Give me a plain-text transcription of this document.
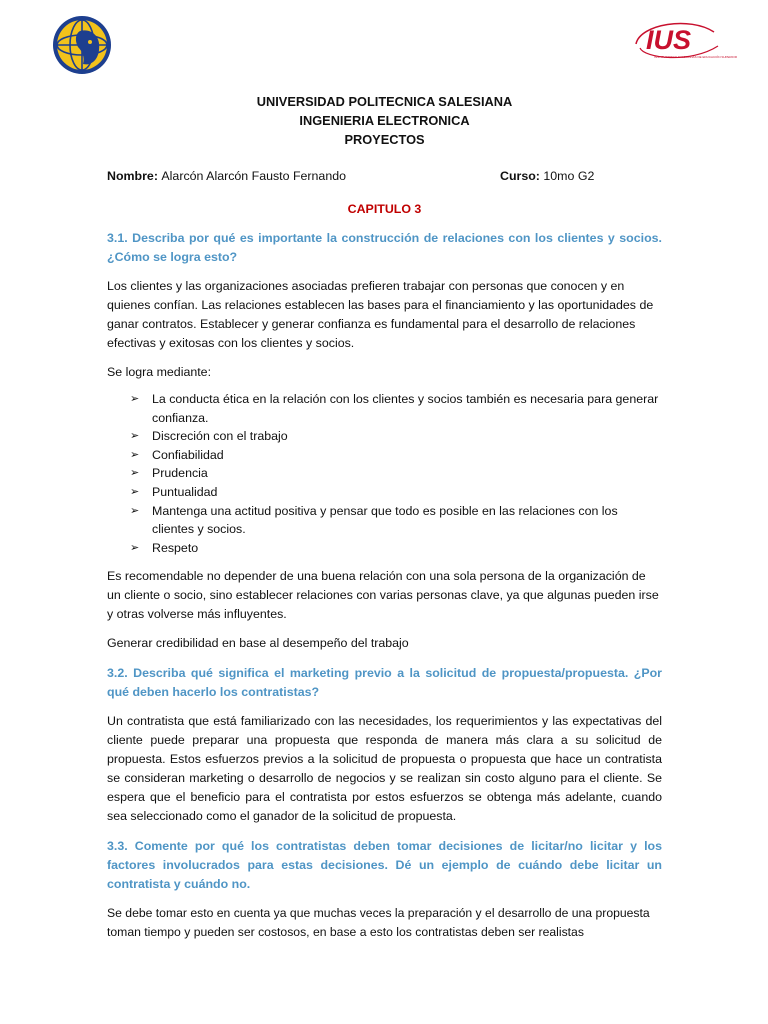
IUS
INSTITUCIONES SALESIANAS DE EDUCACIÓN SUPERIOR
UNIVERSIDAD POLITECNICA SALESIANA
INGENIERIA ELECTRONICA
PROYECTOS
Nombre: Alarcón Alarcón Fausto Fernando	Curso: 10mo G2
CAPITULO 3
3.1. Describa por qué es importante la construcción de relaciones con los clientes y socios. ¿Cómo se logra esto?

Los clientes y las organizaciones asociadas prefieren trabajar con personas que conocen y en quienes confían. Las relaciones establecen las bases para el financiamiento y las oportunidades de ganar contratos. Establecer y generar confianza es fundamental para el desarrollo de relaciones efectivas y exitosas con los clientes y socios.

Se logra mediante:

➢ La conducta ética en la relación con los clientes y socios también es necesaria para generar confianza.
➢ Discreción con el trabajo
➢ Confiabilidad
➢ Prudencia
➢ Puntualidad
➢ Mantenga una actitud positiva y pensar que todo es posible en las relaciones con los clientes y socios.
➢ Respeto

Es recomendable no depender de una buena relación con una sola persona de la organización de un cliente o socio, sino establecer relaciones con varias personas clave, ya que algunas pueden irse y otras volverse más influyentes.

Generar credibilidad en base al desempeño del trabajo

3.2. Describa qué significa el marketing previo a la solicitud de propuesta/propuesta. ¿Por qué deben hacerlo los contratistas?

Un contratista que está familiarizado con las necesidades, los requerimientos y las expectativas del cliente puede preparar una propuesta que responda de manera más clara a su solicitud de propuesta. Estos esfuerzos previos a la solicitud de propuesta o propuesta que hace un contratista se consideran marketing o desarrollo de negocios y se realizan sin costo alguno para el cliente. Se espera que el beneficio para el contratista por estos esfuerzos se obtenga más adelante, cuando sea seleccionado como el ganador de la solicitud de propuesta.

3.3. Comente por qué los contratistas deben tomar decisiones de licitar/no licitar y los factores involucrados para estas decisiones. Dé un ejemplo de cuándo debe licitar un contratista y cuándo no.

Se debe tomar esto en cuenta ya que muchas veces la preparación y el desarrollo de una propuesta toman tiempo y pueden ser costosos, en base a esto los contratistas deben ser realistas
